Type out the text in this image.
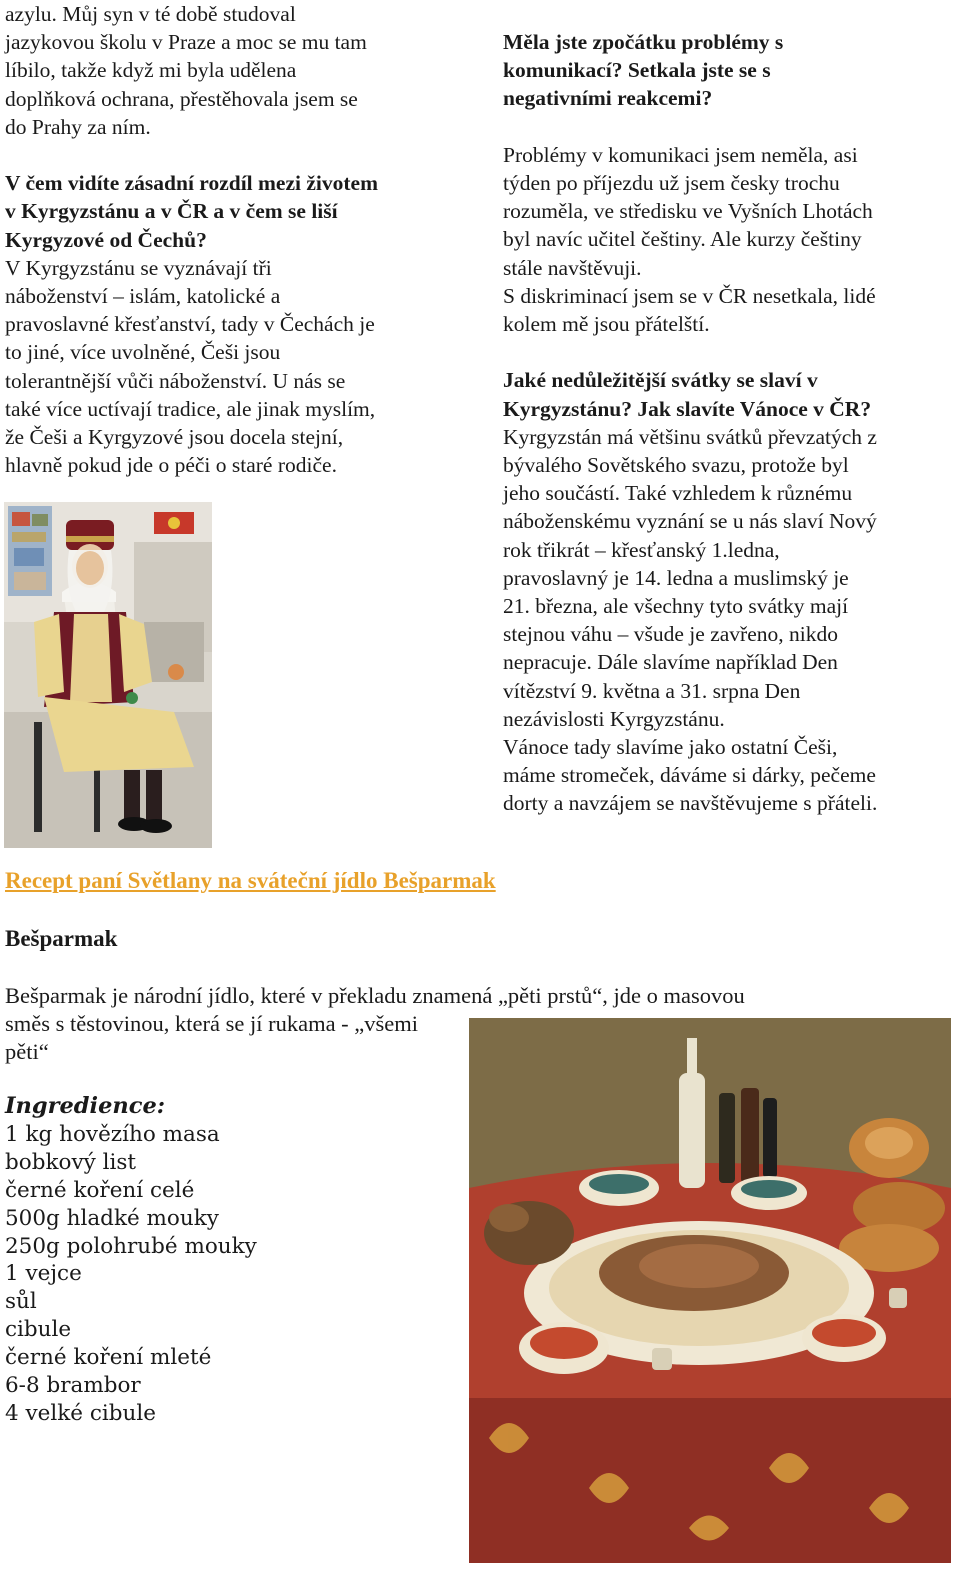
azylu. Můj syn v té době studoval

jazykovou školu v Praze a moc se mu tam

líbilo, takže když mi byla udělena

doplňková ochrana, přestěhovala jsem se

do Prahy za ním.

V čem vidíte zásadní rozdíl mezi životem

v Kyrgyzstánu a v ČR a v čem se liší

Kyrgyzové od Čechů?

V Kyrgyzstánu se vyznávají tři

náboženství – islám, katolické a

pravoslavné křesťanství, tady v Čechách je

to jiné, více uvolněné, Češi jsou

tolerantnější vůči náboženství. U nás se

také více uctívají tradice, ale jinak myslím,

že Češi a Kyrgyzové jsou docela stejní,

hlavně pokud jde o péči o staré rodiče.

Měla jste zpočátku problémy s

komunikací? Setkala jste se s

negativními reakcemi?

Problémy v komunikaci jsem neměla, asi

týden po příjezdu už jsem česky trochu

rozuměla, ve středisku ve Vyšních Lhotách

byl navíc učitel češtiny. Ale kurzy češtiny

stále navštěvuji.

S diskriminací jsem se v ČR nesetkala, lidé

kolem mě jsou přátelští.

Jaké nedůležitější svátky se slaví v

Kyrgyzstánu? Jak slavíte Vánoce v ČR?

Kyrgyzstán má většinu svátků převzatých z

bývalého Sovětského svazu, protože byl

jeho součástí. Také vzhledem k různému

náboženskému vyznání se u nás slaví Nový

rok třikrát – křesťanský 1.ledna,

pravoslavný je 14. ledna a muslimský je

21. března, ale všechny tyto svátky mají

stejnou váhu – všude je zavřeno, nikdo

nepracuje. Dále slavíme například Den

vítězství 9. května a 31. srpna Den

nezávislosti Kyrgyzstánu.

Vánoce tady slavíme jako ostatní Češi,

máme stromeček, dáváme si dárky, pečeme

dorty a navzájem se navštěvujeme s přáteli.

Recept paní Světlany na sváteční jídlo Bešparmak
Bešparmak
Bešparmak je národní jídlo, které v překladu znamená „pěti prstů“, jde o masovou
směs s těstovinou, která se jí rukama - „všemi pěti“

Ingredience:

1 kg hovězího masa
bobkový list
černé koření celé
500g hladké mouky
250g polohrubé mouky
1 vejce
sůl
cibule
černé koření mleté
6-8 brambor
4 velké cibule
